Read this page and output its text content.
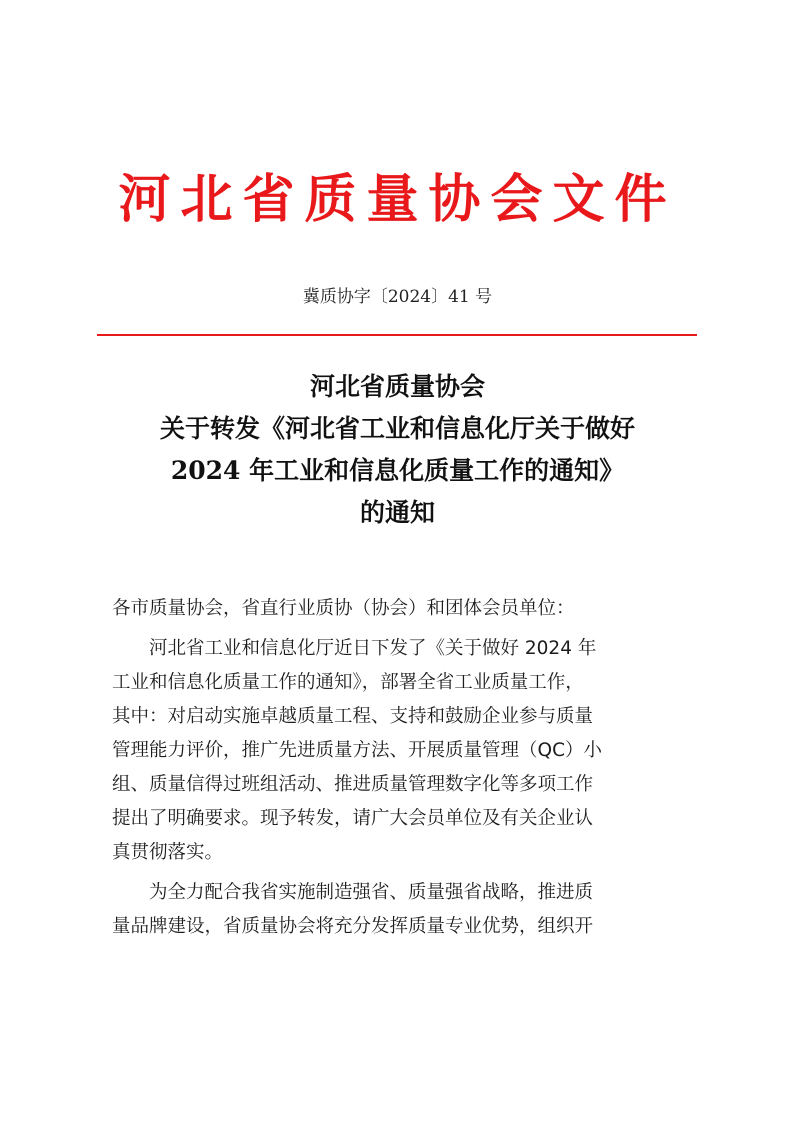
河北省质量协会文件
冀质协字〔2024〕41 号
河北省质量协会
关于转发《河北省工业和信息化厅关于做好
2024 年工业和信息化质量工作的通知》
的通知
各市质量协会，省直行业质协（协会）和团体会员单位：
河北省工业和信息化厅近日下发了《关于做好 2024 年
工业和信息化质量工作的通知》，部署全省工业质量工作，
其中：对启动实施卓越质量工程、支持和鼓励企业参与质量
管理能力评价，推广先进质量方法、开展质量管理（QC）小
组、质量信得过班组活动、推进质量管理数字化等多项工作
提出了明确要求。现予转发，请广大会员单位及有关企业认
真贯彻落实。
为全力配合我省实施制造强省、质量强省战略，推进质
量品牌建设，省质量协会将充分发挥质量专业优势，组织开
